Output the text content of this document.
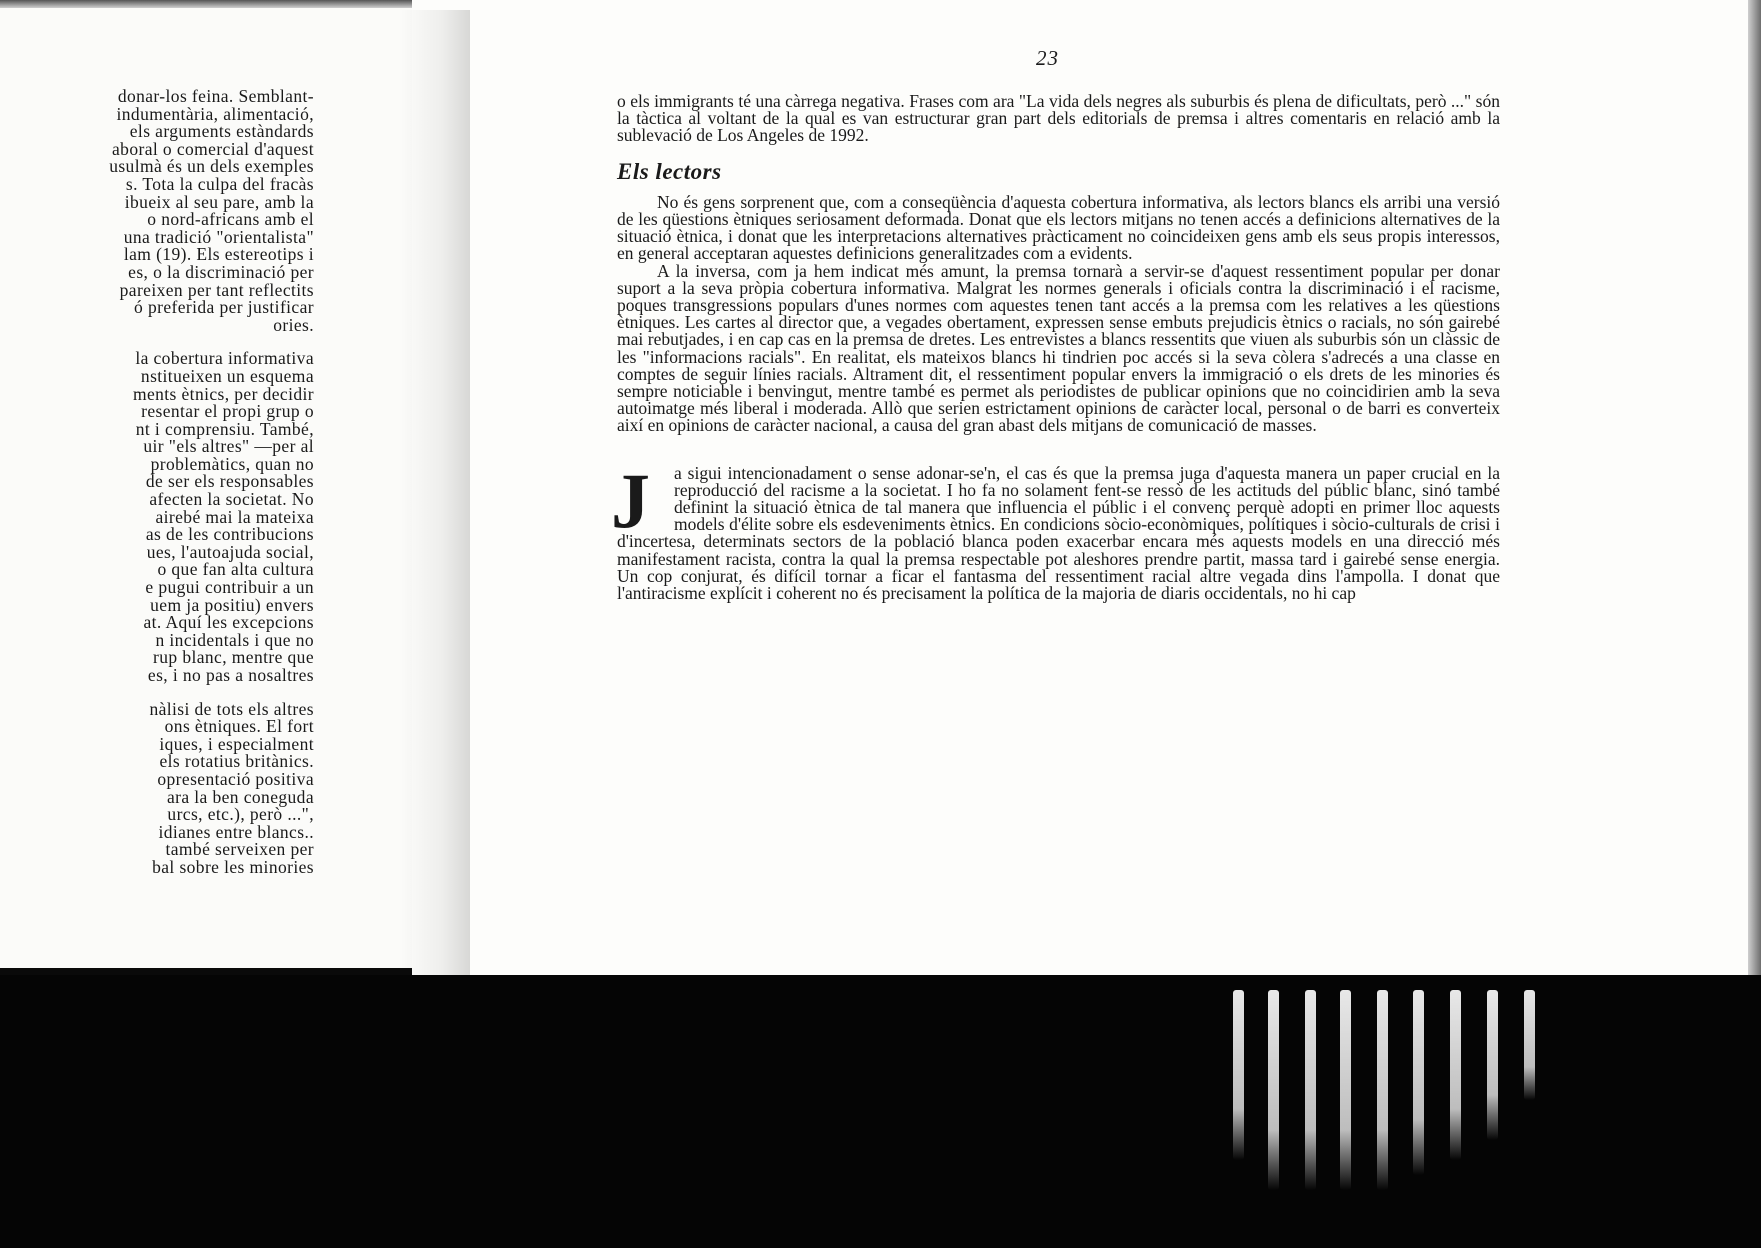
donar-los feina. Semblant-
indumentària, alimentació,
els arguments estàndards
aboral o comercial d'aquest
usulmà és un dels exemples
s. Tota la culpa del fracàs
ibueix al seu pare, amb la
o nord-africans amb el
una tradició "orientalista"
lam (19). Els estereotips i
es, o la discriminació per
pareixen per tant reflectits
ó preferida per justificar
ories.
la cobertura informativa
nstitueixen un esquema
ments ètnics, per decidir
resentar el propi grup o
nt i comprensiu. També,
uir "els altres" —per al
problemàtics, quan no
de ser els responsables
afecten la societat. No
airebé mai la mateixa
as de les contribucions
ues, l'autoajuda social,
o que fan alta cultura
e pugui contribuir a un
uem ja positiu) envers
at. Aquí les excepcions
n incidentals i que no
rup blanc, mentre que
es, i no pas a nosaltres
nàlisi de tots els altres
ons ètniques. El fort
iques, i especialment
els rotatius britànics.
opresentació positiva
ara la ben coneguda
urcs, etc.), però ...",
idianes entre blancs..
també serveixen per
bal sobre les minories
23

o els immigrants té una càrrega negativa. Frases com ara "La vida dels negres als suburbis és plena de dificultats, però ..." són la tàctica al voltant de la qual es van estructurar gran part dels editorials de premsa i altres comentaris en relació amb la sublevació de Los Angeles de 1992.

Els lectors

No és gens sorprenent que, com a conseqüència d'aquesta cobertura informativa, als lectors blancs els arribi una versió de les qüestions ètniques seriosament deformada. Donat que els lectors mitjans no tenen accés a definicions alternatives de la situació ètnica, i donat que les interpretacions alternatives pràcticament no coincideixen gens amb els seus propis interessos, en general acceptaran aquestes definicions generalitzades com a evidents.

A la inversa, com ja hem indicat més amunt, la premsa tornarà a servir-se d'aquest ressentiment popular per donar suport a la seva pròpia cobertura informativa. Malgrat les normes generals i oficials contra la discriminació i el racisme, poques transgressions populars d'unes normes com aquestes tenen tant accés a la premsa com les relatives a les qüestions ètniques. Les cartes al director que, a vegades obertament, expressen sense embuts prejudicis ètnics o racials, no són gairebé mai rebutjades, i en cap cas en la premsa de dretes. Les entrevistes a blancs ressentits que viuen als suburbis són un clàssic de les "informacions racials". En realitat, els mateixos blancs hi tindrien poc accés si la seva còlera s'adrecés a una classe en comptes de seguir línies racials. Altrament dit, el ressentiment popular envers la immigració o els drets de les minories és sempre noticiable i benvingut, mentre també es permet als periodistes de publicar opinions que no coincidirien amb la seva autoimatge més liberal i moderada. Allò que serien estrictament opinions de caràcter local, personal o de barri es converteix així en opinions de caràcter nacional, a causa del gran abast dels mitjans de comunicació de masses.

J a sigui intencionadament o sense adonar-se'n, el cas és que la premsa juga d'aquesta manera un paper crucial en la reproducció del racisme a la societat. I ho fa no solament fent-se ressò de les actituds del públic blanc, sinó també definint la situació ètnica de tal manera que influencia el públic i el convenç perquè adopti en primer lloc aquests models d'élite sobre els esdeveniments ètnics. En condicions sòcio-econòmiques, polítiques i sòcio-culturals de crisi i d'incertesa, determinats sectors de la població blanca poden exacerbar encara més aquests models en una direcció més manifestament racista, contra la qual la premsa respectable pot aleshores prendre partit, massa tard i gairebé sense energia. Un cop conjurat, és difícil tornar a ficar el fantasma del ressentiment racial altre vegada dins l'ampolla. I donat que l'antiracisme explícit i coherent no és precisament la política de la majoria de diaris occidentals, no hi cap
